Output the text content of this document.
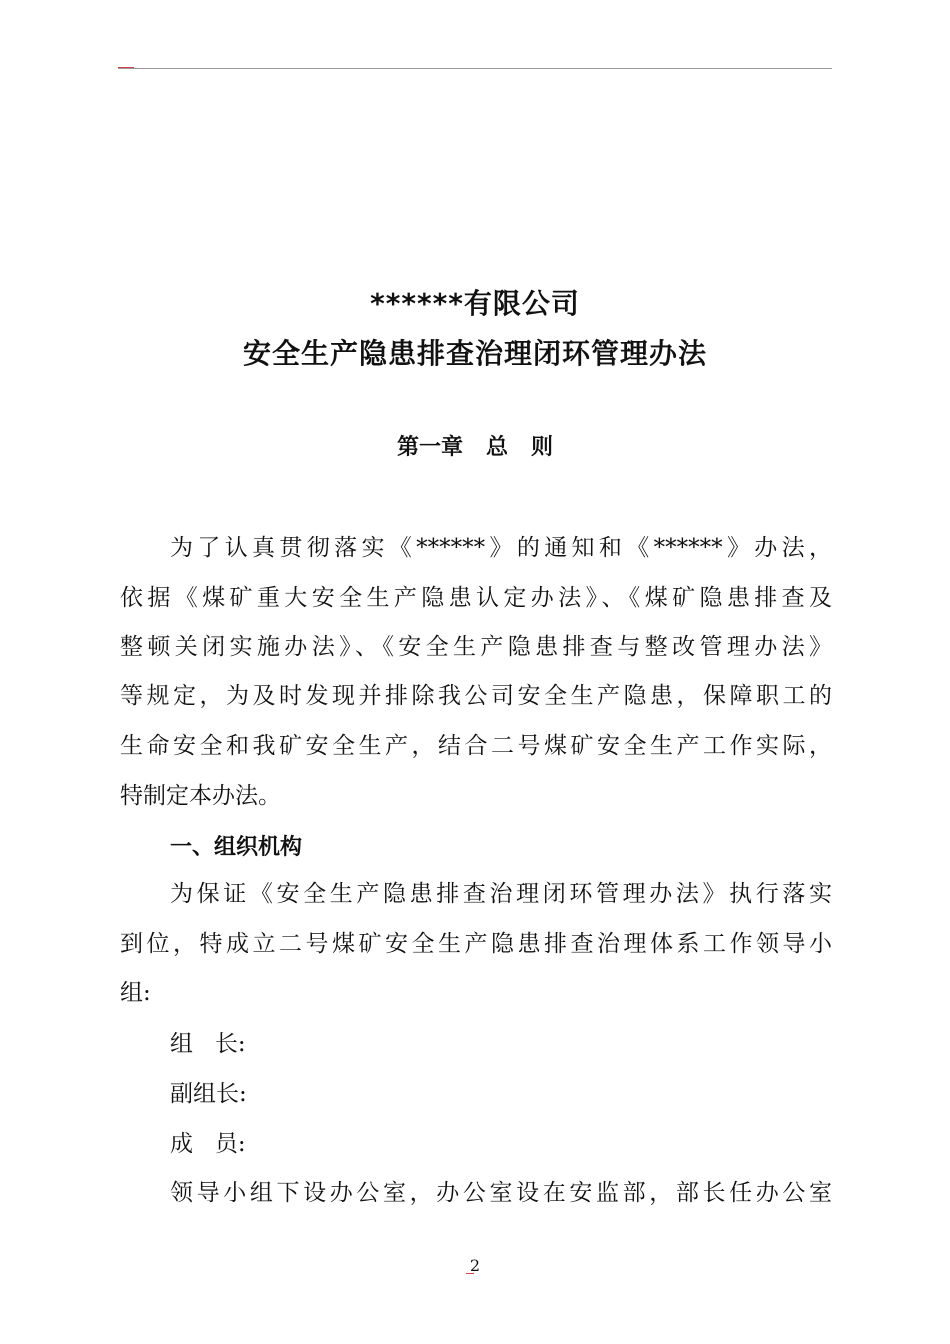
******有限公司
安全生产隐患排查治理闭环管理办法
第一章   总   则
为了认真贯彻落实《******》的通知和《******》办法，
依据《煤矿重大安全生产隐患认定办法》、《煤矿隐患排查及
整顿关闭实施办法》、《安全生产隐患排查与整改管理办法》
等规定，为及时发现并排除我公司安全生产隐患，保障职工的
生命安全和我矿安全生产，结合二号煤矿安全生产工作实际，
特制定本办法。
一、组织机构
为保证《安全生产隐患排查治理闭环管理办法》执行落实
到位，特成立二号煤矿安全生产隐患排查治理体系工作领导小
组:
组   长:
副组长:
成   员:
领导小组下设办公室，办公室设在安监部，部长任办公室
2
